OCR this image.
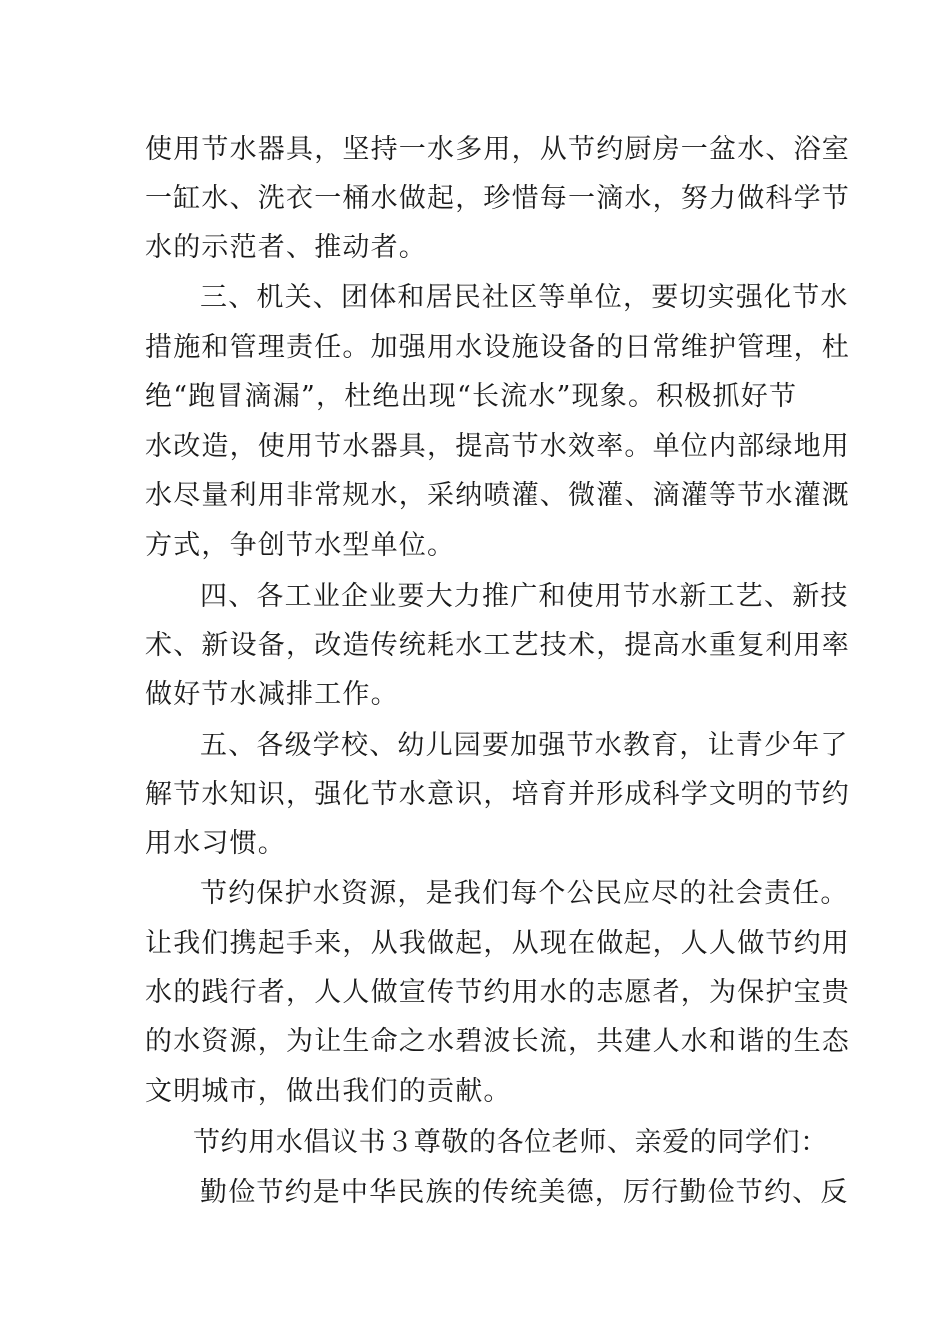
使用节水器具，坚持一水多用，从节约厨房一盆水、浴室
一缸水、洗衣一桶水做起，珍惜每一滴水，努力做科学节
水的示范者、推动者。
三、机关、团体和居民社区等单位，要切实强化节水
措施和管理责任。加强用水设施设备的日常维护管理，杜
绝“跑冒滴漏”，杜绝出现“长流水”现象。积极抓好节
水改造，使用节水器具，提高节水效率。单位内部绿地用
水尽量利用非常规水，采纳喷灌、微灌、滴灌等节水灌溉
方式，争创节水型单位。
四、各工业企业要大力推广和使用节水新工艺、新技
术、新设备，改造传统耗水工艺技术，提高水重复利用率
做好节水减排工作。
五、各级学校、幼儿园要加强节水教育，让青少年了
解节水知识，强化节水意识，培育并形成科学文明的节约
用水习惯。
节约保护水资源，是我们每个公民应尽的社会责任。
让我们携起手来，从我做起，从现在做起，人人做节约用
水的践行者，人人做宣传节约用水的志愿者，为保护宝贵
的水资源，为让生命之水碧波长流，共建人水和谐的生态
文明城市，做出我们的贡献。
节约用水倡议书３尊敬的各位老师、亲爱的同学们：
勤俭节约是中华民族的传统美德，厉行勤俭节约、反
